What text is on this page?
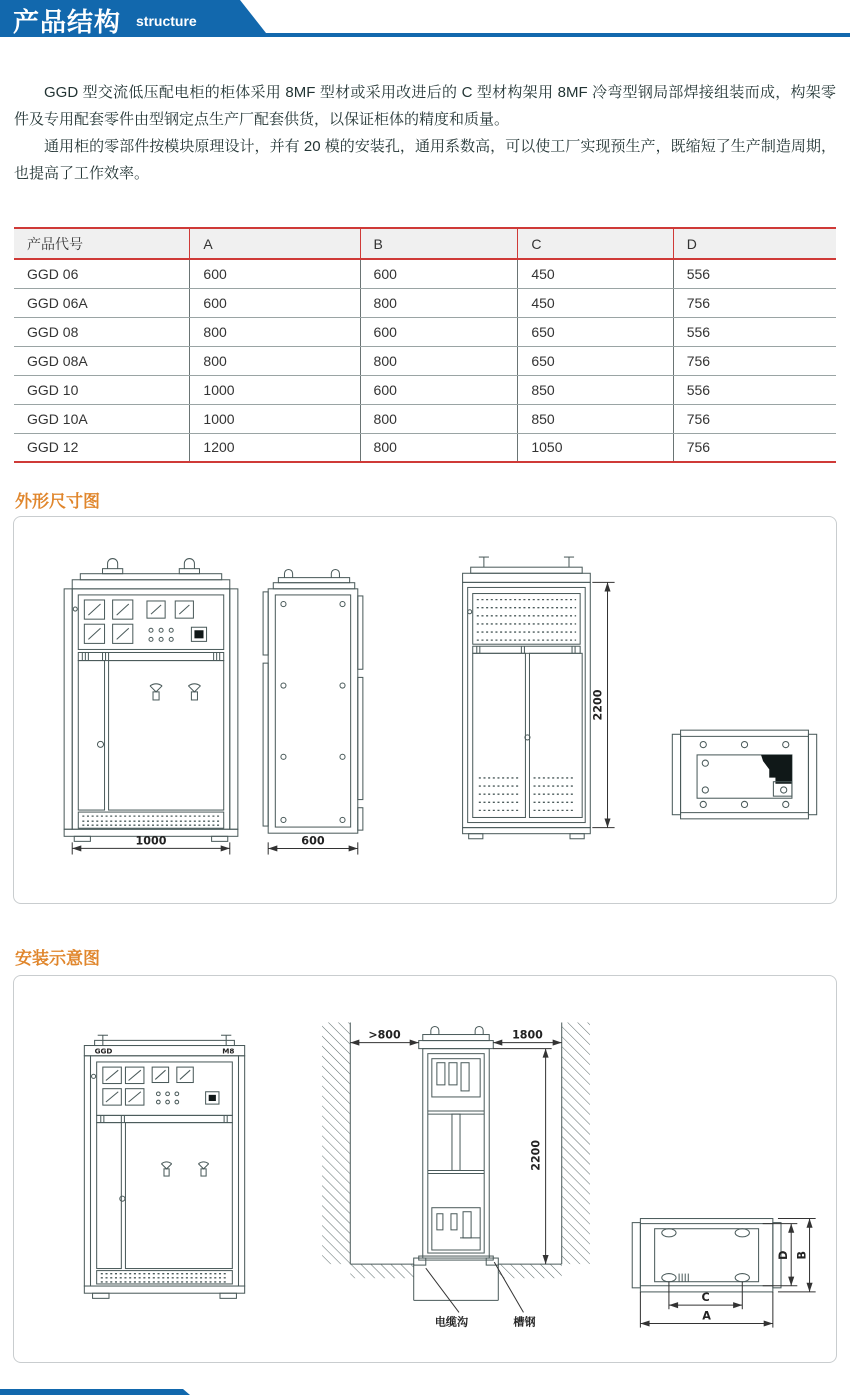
产品结构 structure

GGD 型交流低压配电柜的柜体采用 8MF 型材或采用改进后的 C 型材构架用 8MF 冷弯型钢局部焊接组装而成，构架零件及专用配套零件由型钢定点生产厂配套供货，以保证柜体的精度和质量。

通用柜的零部件按模块原理设计，并有 20 模的安装孔，通用系数高，可以使工厂实现预生产，既缩短了生产制造周期，也提高了工作效率。

产品代号	A	B	C	D
GGD 06	600	600	450	556
GGD 06A	600	800	450	756
GGD 08	800	600	650	556
GGD 08A	800	800	650	756
GGD 10	1000	600	850	556
GGD 10A	1000	800	850	756
GGD 12	1200	800	1050	756
外形尺寸图
1000	600
2200
安装示意图
GGD	M8
>800	1800
2200
电缆沟	槽钢
C
A
D B
